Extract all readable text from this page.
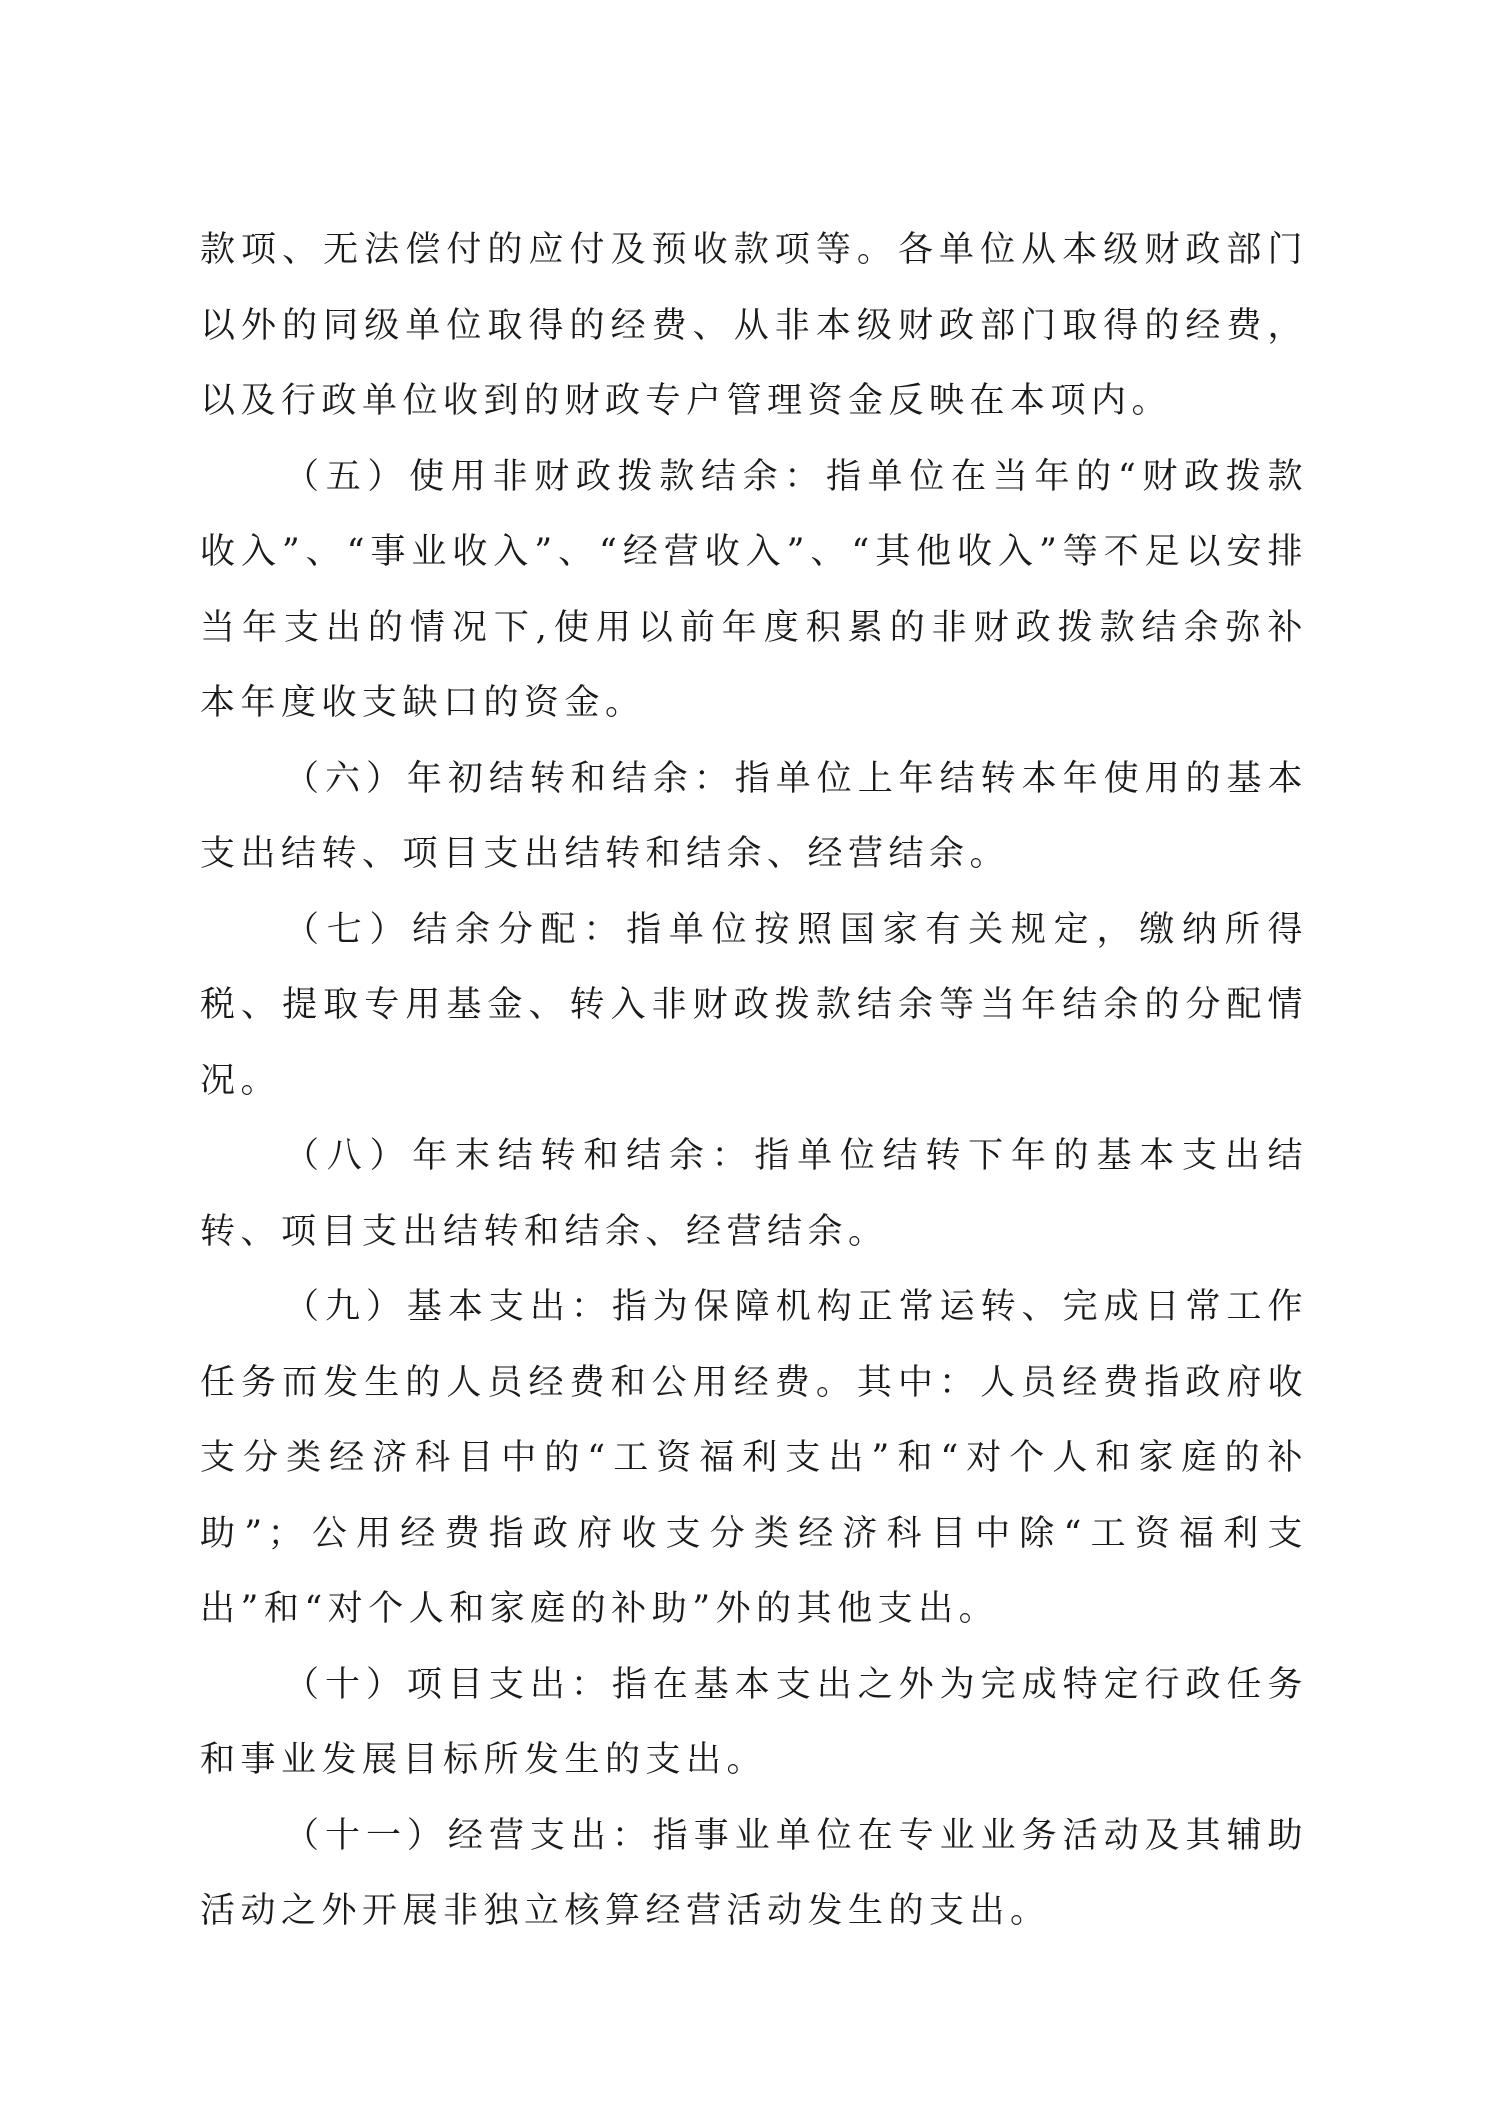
款项、无法偿付的应付及预收款项等。各单位从本级财政部门以外的同级单位取得的经费、从非本级财政部门取得的经费，以及行政单位收到的财政专户管理资金反映在本项内。

（五）使用非财政拨款结余：指单位在当年的“财政拨款收入”、“事业收入”、“经营收入”、“其他收入”等不足以安排当年支出的情况下,使用以前年度积累的非财政拨款结余弥补本年度收支缺口的资金。

（六）年初结转和结余：指单位上年结转本年使用的基本支出结转、项目支出结转和结余、经营结余。

（七）结余分配：指单位按照国家有关规定，缴纳所得税、提取专用基金、转入非财政拨款结余等当年结余的分配情况。

（八）年末结转和结余：指单位结转下年的基本支出结转、项目支出结转和结余、经营结余。

（九）基本支出：指为保障机构正常运转、完成日常工作任务而发生的人员经费和公用经费。其中：人员经费指政府收支分类经济科目中的“工资福利支出”和“对个人和家庭的补助”；公用经费指政府收支分类经济科目中除“工资福利支出”和“对个人和家庭的补助”外的其他支出。

（十）项目支出：指在基本支出之外为完成特定行政任务和事业发展目标所发生的支出。

（十一）经营支出：指事业单位在专业业务活动及其辅助活动之外开展非独立核算经营活动发生的支出。
